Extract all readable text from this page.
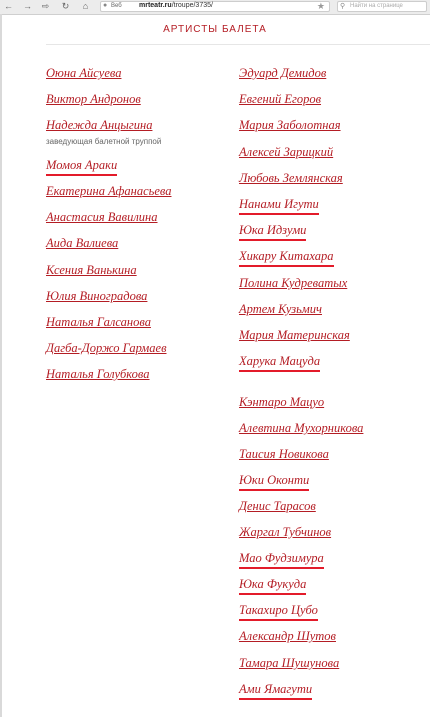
← → ⇨ ↻	⌂	● Веб mrteatr.ru/troupe/3735/	★ ⚲ Найти на странице
АРТИСТЫ БАЛЕТА
Оюна Айсуева
Виктор Андронов
Надежда Анцыгина
Момоя Араки
Екатерина Афанасьева
Анастасия Вавилина
Аида Валиева
Ксения Ванькина
Юлия Виноградова
Наталья Галсанова
Дагба-Доржо Гармаев
Наталья Голубкова
заведующая балетной труппой
Эдуард Демидов
Евгений Егоров
Мария Заболотная
Алексей Зарицкий
Любовь Землянская
Нанами Игути
Юка Идзуми
Хикару Китахара
Полина Кудреватых
Артем Кузьмич
Мария Материнская
Харука Мацуда
Кэнтаро Мацуо
Алевтина Мухорникова
Таисия Новикова
Юки Оконти
Денис Тарасов
Жаргал Тубчинов
Мао Фудзимура
Юка Фукуда
Такахиро Цубо
Александр Шутов
Тамара Шушунова
Ами Ямагути
